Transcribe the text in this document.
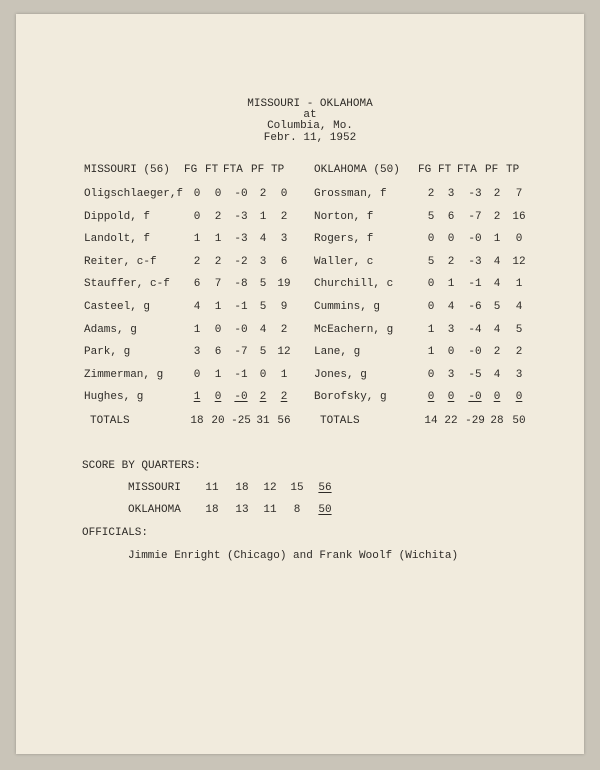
MISSOURI - OKLAHOMA
at
Columbia, Mo.
Febr. 11, 1952
MISSOURI (56)	OKLAHOMA (50)
FG FT FTA PF TP	FG FT FTA PF TP
Oligschlaeger,f 0	0	-0	2	0
Dippold, f	0	2	-3	1	2
Landolt, f	1	1	-3	4	3
Reiter, c-f	2	2	-2	3	6
Stauffer, c-f	6	7	-8	5	19
Casteel, g	4	1	-1	5	9
Adams, g	1	0	-0	4	2
Park, g	3	6	-7	5	12
Zimmerman, g	0	1	-1	0	1
Hughes, g	1	0	-0	2	2
TOTALS	18 20 -25 31 56
Grossman, f	2	3	-3	2	7
Norton, f	5	6	-7	2	16
Rogers, f	0	0	-0	1	0
Waller, c	5	2	-3	4	12
Churchill, c	0	1	-1	4	1
Cummins, g	0	4	-6	5	4
McEachern, g	1	3	-4	4	5
Lane, g	1	0	-0	2	2
Jones, g	0	3	-5	4	3
Borofsky, g	0	0	-0	0	0
TOTALS	14 22 -29 28 50
SCORE BY QUARTERS:
MISSOURI	11	18	12	15	56
OKLAHOMA	18	13	11	8	50
OFFICIALS:
Jimmie Enright (Chicago) and Frank Woolf (Wichita)
